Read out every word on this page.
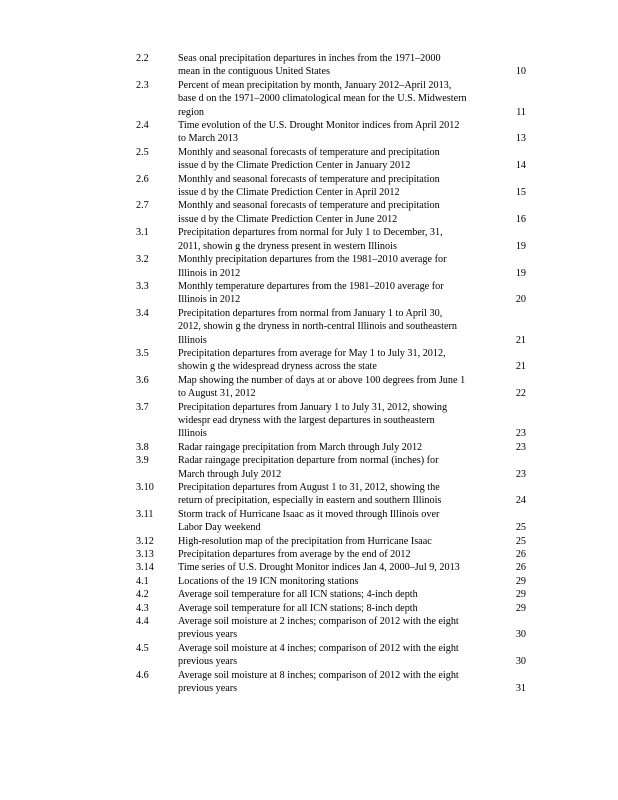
2.2	Seas onal precipitation departures in inches from the 1971–2000
mean in the contiguous United States	10
2.3	Percent of mean precipitation by month, January 2012–April 2013,
base d on the 1971–2000 climatological mean for the U.S. Midwestern
region	11
2.4	Time evolution of the U.S. Drought Monitor indices from April 2012
to March 2013	13
2.5	Monthly and seasonal forecasts of temperature and precipitation
issue d by the Climate Prediction Center in January 2012	14
2.6	Monthly and seasonal forecasts of temperature and precipitation
issue d by the Climate Prediction Center in April 2012	15
2.7	Monthly and seasonal forecasts of temperature and precipitation
issue d by the Climate Prediction Center in June 2012	16
3.1	Precipitation departures from normal for July 1 to December, 31,
2011, showin g the dryness present in western Illinois	19
3.2	Monthly precipitation departures from the 1981–2010 average for
Illinois in 2012	19
3.3	Monthly temperature departures from the 1981–2010 average for
Illinois in 2012	20
3.4	Precipitation departures from normal from January 1 to April 30,
2012, showin g the dryness in north-central Illinois and southeastern
Illinois	21
3.5	Precipitation departures from average for May 1 to July 31, 2012,
showin g the widespread dryness across the state	21
3.6	Map showing the number of days at or above 100 degrees from June 1
to August 31, 2012	22
3.7	Precipitation departures from January 1 to July 31, 2012, showing
widespr ead dryness with the largest departures in southeastern
Illinois	23
3.8	Radar raingage precipitation from March through July 2012	23
3.9	Radar raingage precipitation departure from normal (inches) for
March through July 2012	23
3.10	Precipitation departures from August 1 to 31, 2012, showing the
return of precipitation, especially in eastern and southern Illinois	24
3.11	Storm track of Hurricane Isaac as it moved through Illinois over
Labor Day weekend	25
3.12	High-resolution map of the precipitation from Hurricane Isaac	25
3.13	Precipitation departures from average by the end of 2012	26
3.14	Time series of U.S. Drought Monitor indices Jan 4, 2000–Jul 9, 2013	26
4.1	Locations of the 19 ICN monitoring stations	29
4.2	Average soil temperature for all ICN stations; 4-inch depth	29
4.3	Average soil temperature for all ICN stations; 8-inch depth	29
4.4	Average soil moisture at 2 inches; comparison of 2012 with the eight
previous years	30
4.5	Average soil moisture at 4 inches; comparison of 2012 with the eight
previous years	30
4.6	Average soil moisture at 8 inches; comparison of 2012 with the eight
previous years	31
